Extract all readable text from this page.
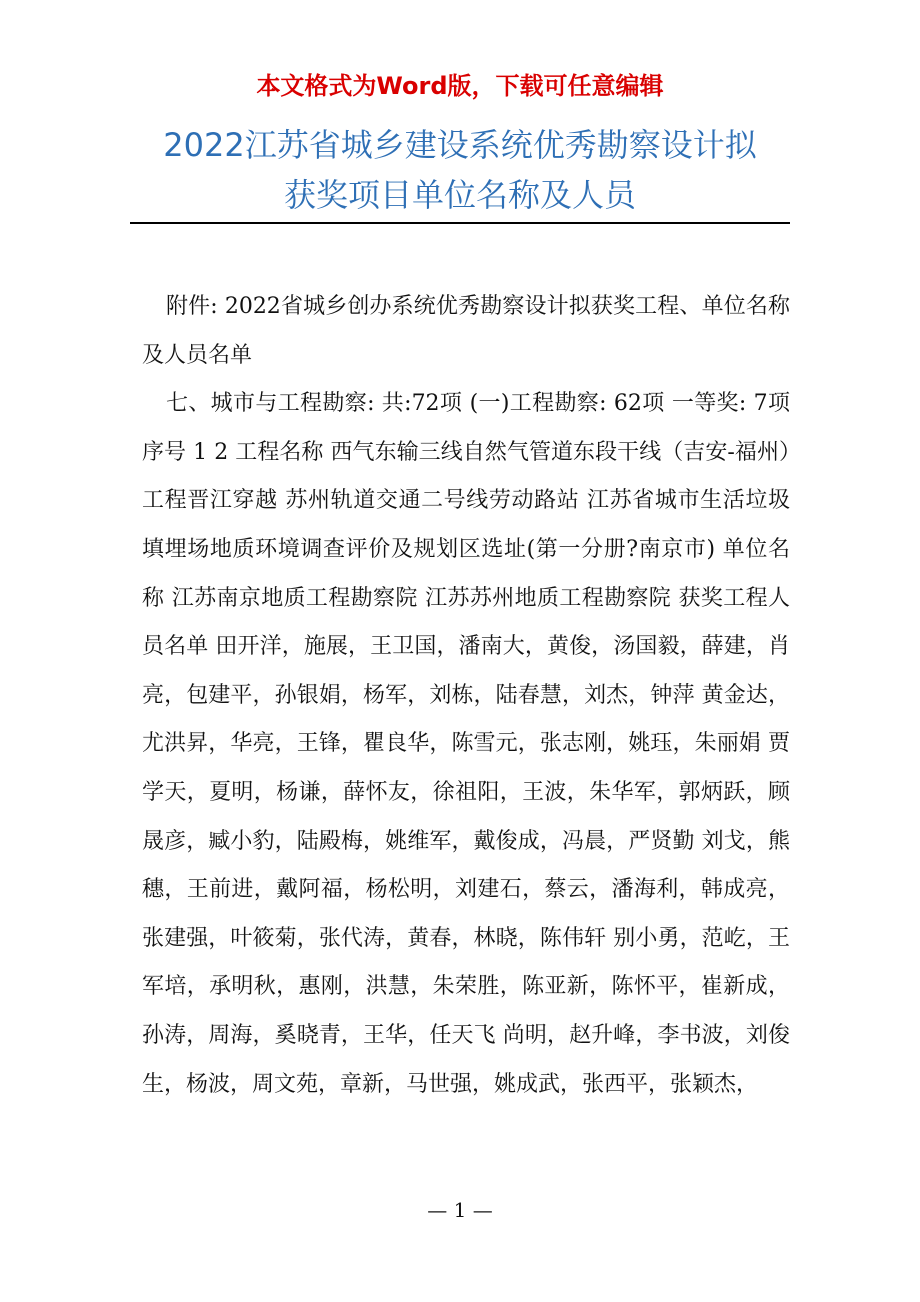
本文格式为Word版，下载可任意编辑
2022江苏省城乡建设系统优秀勘察设计拟
获奖项目单位名称及人员

附件: 2022省城乡创办系统优秀勘察设计拟获奖工程、单位名称及人员名单

七、城市与工程勘察: 共:72项 (一)工程勘察: 62项 一等奖: 7项 序号 1 2 工程名称 西气东输三线自然气管道东段干线（吉安-福州）工程晋江穿越 苏州轨道交通二号线劳动路站 江苏省城市生活垃圾填埋场地质环境调查评价及规划区选址(第一分册?南京市) 单位名称 江苏南京地质工程勘察院 江苏苏州地质工程勘察院 获奖工程人员名单 田开洋，施展，王卫国，潘南大，黄俊，汤国毅，薛建，肖亮，包建平，孙银娟，杨军，刘栋，陆春慧，刘杰，钟萍 黄金达，尤洪昇，华亮，王锋，瞿良华，陈雪元，张志刚，姚珏，朱丽娟 贾学天，夏明，杨谦，薛怀友，徐祖阳，王波，朱华军，郭炳跃，顾晟彦，臧小豹，陆殿梅，姚维军，戴俊成，冯晨，严贤勤 刘戈，熊穗，王前进，戴阿福，杨松明，刘建石，蔡云，潘海利，韩成亮，张建强，叶筱菊，张代涛，黄春，林晓，陈伟轩 别小勇，范屹，王军培，承明秋，惠刚，洪慧，朱荣胜，陈亚新，陈怀平，崔新成，孙涛，周海，奚晓青，王华，任天飞 尚明，赵升峰，李书波，刘俊生，杨波，周文苑，章新，马世强，姚成武，张西平，张颖杰，

— 1 —
